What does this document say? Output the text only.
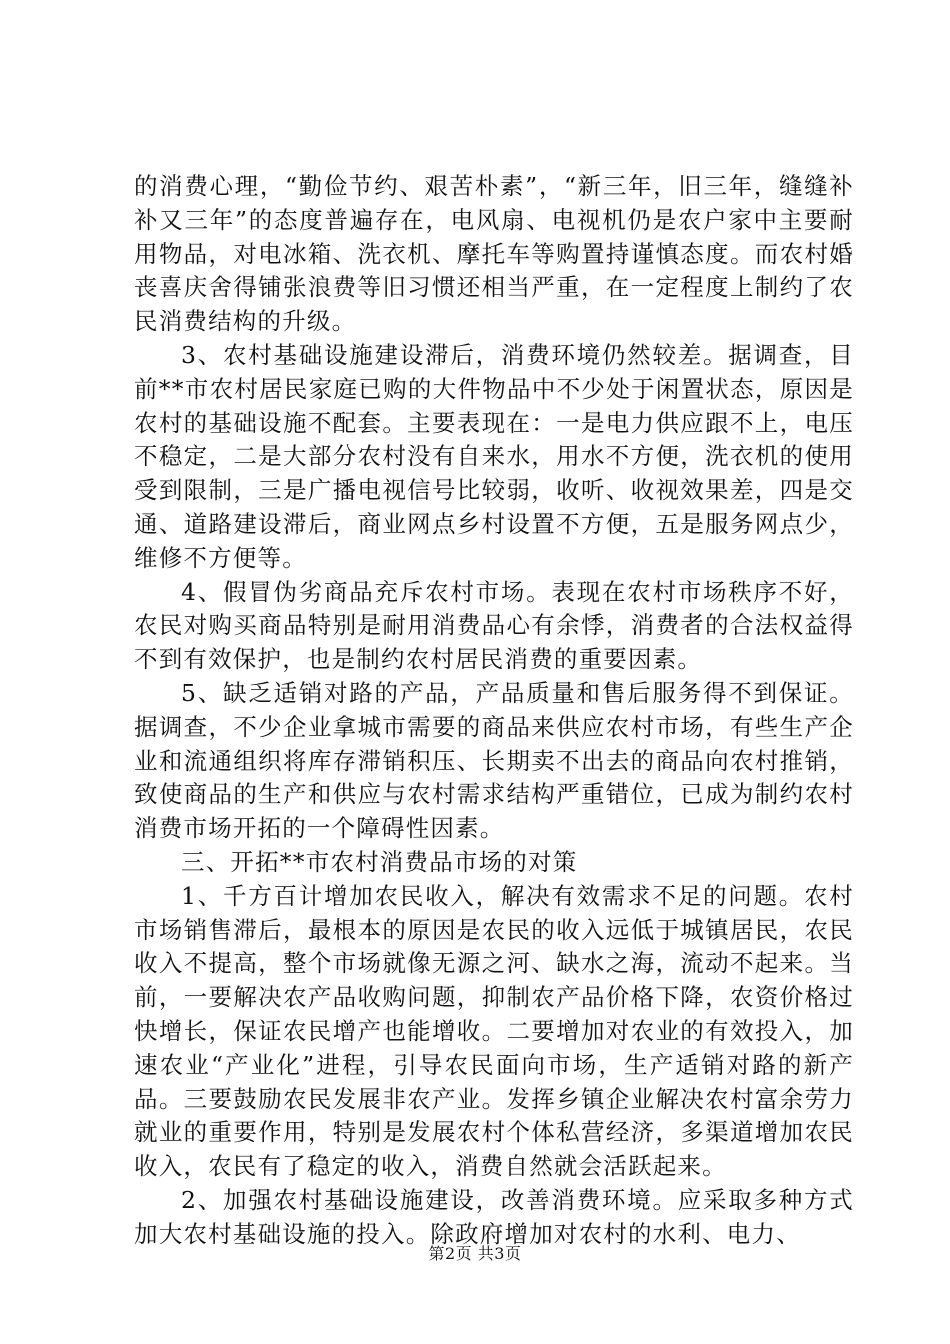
的消费心理，“勤俭节约、艰苦朴素”，“新三年，旧三年，缝缝补补又三年”的态度普遍存在，电风扇、电视机仍是农户家中主要耐用物品，对电冰箱、洗衣机、摩托车等购置持谨慎态度。而农村婚丧喜庆舍得铺张浪费等旧习惯还相当严重，在一定程度上制约了农民消费结构的升级。

3、农村基础设施建设滞后，消费环境仍然较差。据调查，目前**市农村居民家庭已购的大件物品中不少处于闲置状态，原因是农村的基础设施不配套。主要表现在：一是电力供应跟不上，电压不稳定，二是大部分农村没有自来水，用水不方便，洗衣机的使用受到限制，三是广播电视信号比较弱，收听、收视效果差，四是交通、道路建设滞后，商业网点乡村设置不方便，五是服务网点少，维修不方便等。

4、假冒伪劣商品充斥农村市场。表现在农村市场秩序不好，农民对购买商品特别是耐用消费品心有余悸，消费者的合法权益得不到有效保护，也是制约农村居民消费的重要因素。

5、缺乏适销对路的产品，产品质量和售后服务得不到保证。据调查，不少企业拿城市需要的商品来供应农村市场，有些生产企业和流通组织将库存滞销积压、长期卖不出去的商品向农村推销，致使商品的生产和供应与农村需求结构严重错位，已成为制约农村消费市场开拓的一个障碍性因素。

三、开拓**市农村消费品市场的对策

1、千方百计增加农民收入，解决有效需求不足的问题。农村市场销售滞后，最根本的原因是农民的收入远低于城镇居民，农民收入不提高，整个市场就像无源之河、缺水之海，流动不起来。当前，一要解决农产品收购问题，抑制农产品价格下降，农资价格过快增长，保证农民增产也能增收。二要增加对农业的有效投入，加速农业“产业化”进程，引导农民面向市场，生产适销对路的新产品。三要鼓励农民发展非农产业。发挥乡镇企业解决农村富余劳力就业的重要作用，特别是发展农村个体私营经济，多渠道增加农民收入，农民有了稳定的收入，消费自然就会活跃起来。

2、加强农村基础设施建设，改善消费环境。应采取多种方式加大农村基础设施的投入。除政府增加对农村的水利、电力、

第2页 共3页
